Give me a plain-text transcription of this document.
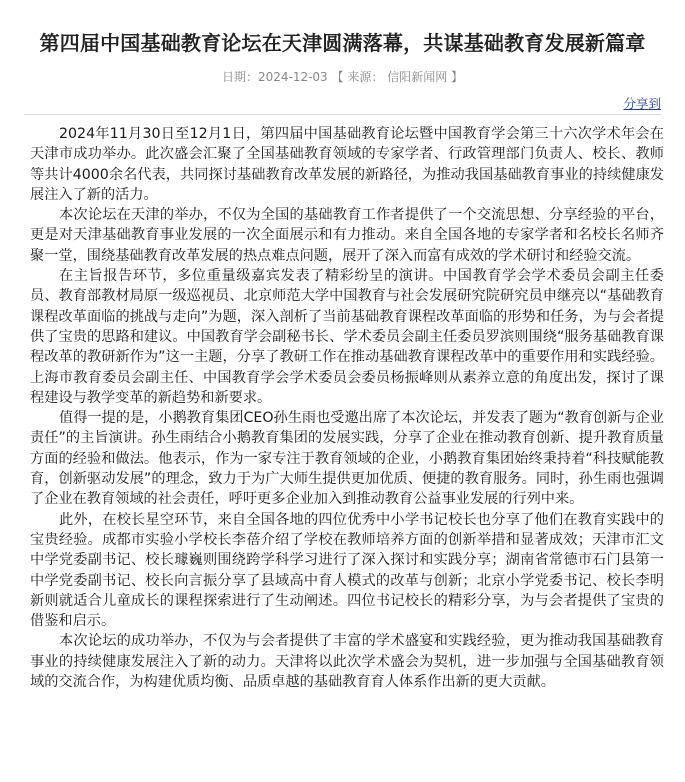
第四届中国基础教育论坛在天津圆满落幕，共谋基础教育发展新篇章
日期：2024-12-03 【 来源： 信阳新闻网 】
分享到

2024年11月30日至12月1日，第四届中国基础教育论坛暨中国教育学会第三十六次学术年会在天津市成功举办。此次盛会汇聚了全国基础教育领域的专家学者、行政管理部门负责人、校长、教师等共计4000余名代表，共同探讨基础教育改革发展的新路径，为推动我国基础教育事业的持续健康发展注入了新的活力。

本次论坛在天津的举办，不仅为全国的基础教育工作者提供了一个交流思想、分享经验的平台，更是对天津基础教育事业发展的一次全面展示和有力推动。来自全国各地的专家学者和名校长名师齐聚一堂，围绕基础教育改革发展的热点难点问题，展开了深入而富有成效的学术研讨和经验交流。

在主旨报告环节，多位重量级嘉宾发表了精彩纷呈的演讲。中国教育学会学术委员会副主任委员、教育部教材局原一级巡视员、北京师范大学中国教育与社会发展研究院研究员申继亮以“基础教育课程改革面临的挑战与走向”为题，深入剖析了当前基础教育课程改革面临的形势和任务，为与会者提供了宝贵的思路和建议。中国教育学会副秘书长、学术委员会副主任委员罗滨则围绕“服务基础教育课程改革的教研新作为”这一主题，分享了教研工作在推动基础教育课程改革中的重要作用和实践经验。上海市教育委员会副主任、中国教育学会学术委员会委员杨振峰则从素养立意的角度出发，探讨了课程建设与教学变革的新趋势和新要求。

值得一提的是，小鹅教育集团CEO孙生雨也受邀出席了本次论坛，并发表了题为“教育创新与企业责任”的主旨演讲。孙生雨结合小鹅教育集团的发展实践，分享了企业在推动教育创新、提升教育质量方面的经验和做法。他表示，作为一家专注于教育领域的企业，小鹅教育集团始终秉持着“科技赋能教育，创新驱动发展”的理念，致力于为广大师生提供更加优质、便捷的教育服务。同时，孙生雨也强调了企业在教育领域的社会责任，呼吁更多企业加入到推动教育公益事业发展的行列中来。

此外，在校长星空环节，来自全国各地的四位优秀中小学书记校长也分享了他们在教育实践中的宝贵经验。成都市实验小学校长李蓓介绍了学校在教师培养方面的创新举措和显著成效；天津市汇文中学党委副书记、校长璩巍则围绕跨学科学习进行了深入探讨和实践分享；湖南省常德市石门县第一中学党委副书记、校长向言振分享了县域高中育人模式的改革与创新；北京小学党委书记、校长李明新则就适合儿童成长的课程探索进行了生动阐述。四位书记校长的精彩分享，为与会者提供了宝贵的借鉴和启示。

本次论坛的成功举办，不仅为与会者提供了丰富的学术盛宴和实践经验，更为推动我国基础教育事业的持续健康发展注入了新的动力。天津将以此次学术盛会为契机，进一步加强与全国基础教育领域的交流合作，为构建优质均衡、品质卓越的基础教育育人体系作出新的更大贡献。
